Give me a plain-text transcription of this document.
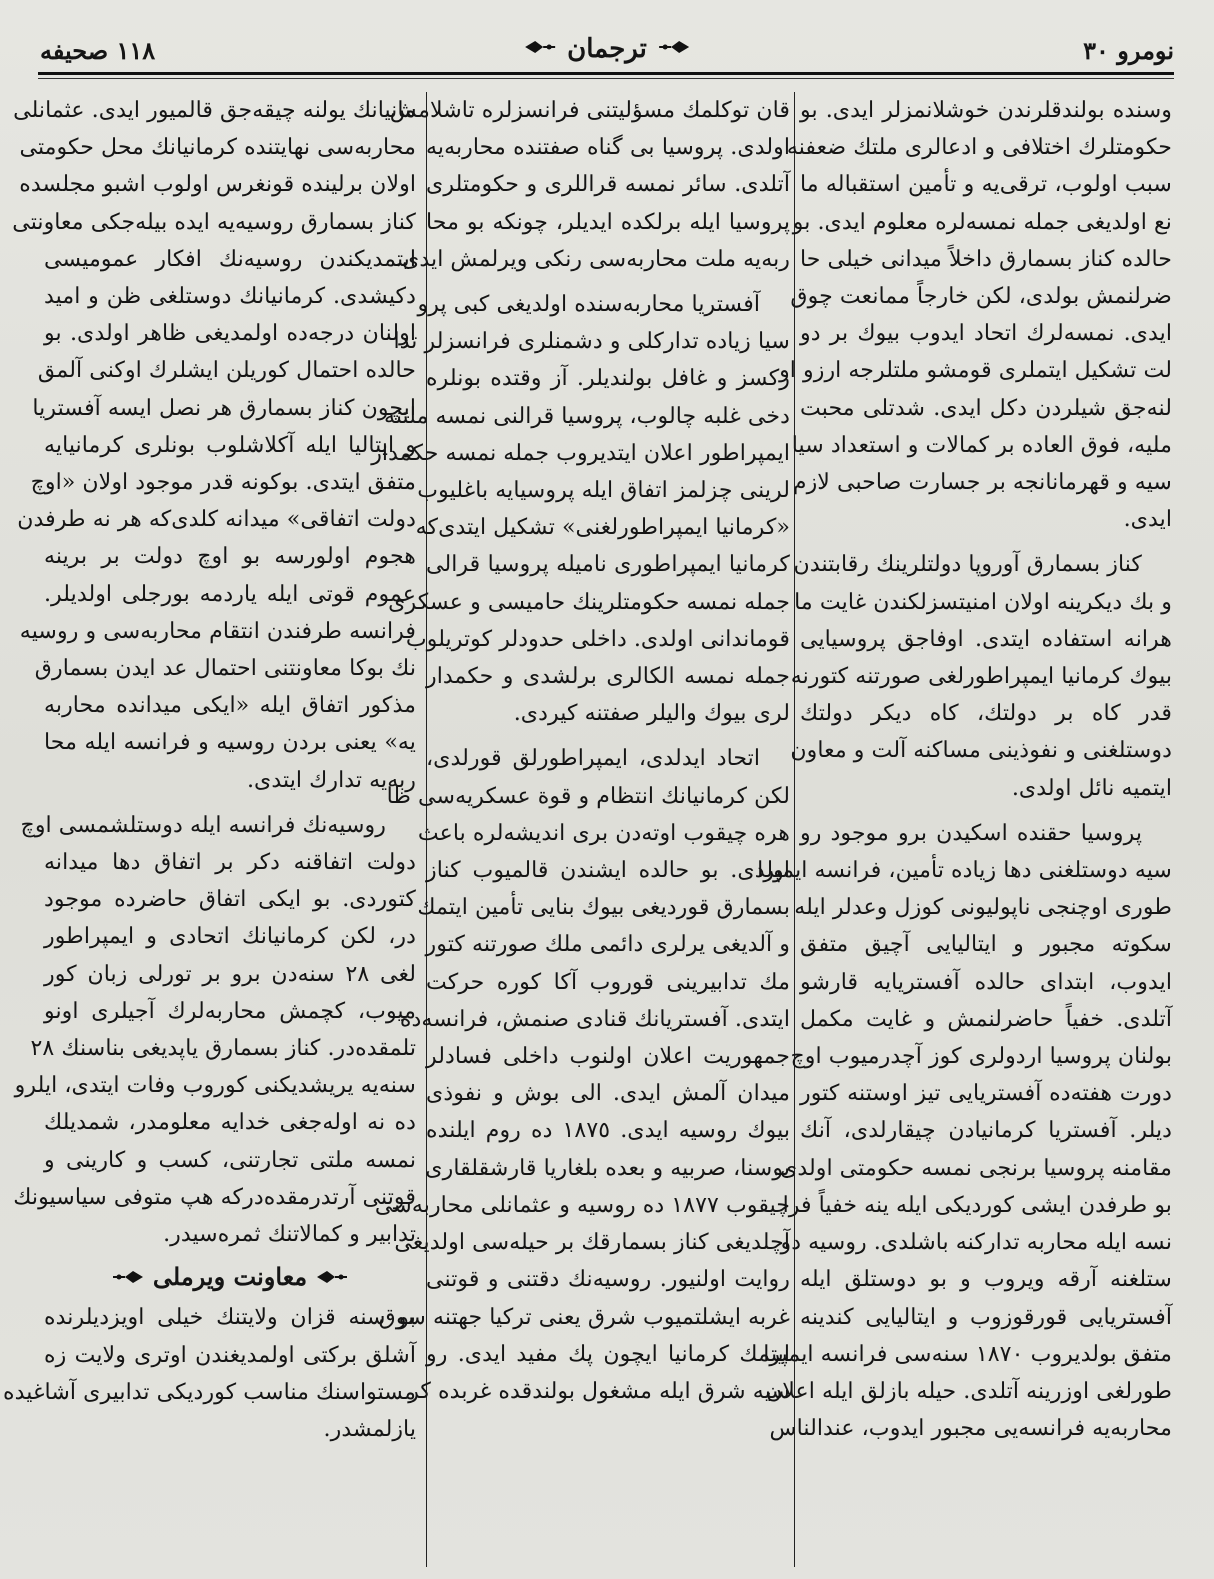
١١٨ صحيفه	ترجمان	نومرو ٣٠

وسنده بولندقلرندن خوشلانمزلر ایدی. بو
حکومتلرك اختلافی و ادعالری ملتك ضعفنه
سبب اولوب، ترقی‌یه و تأمین استقباله ما
نع اولدیغی جمله نمسه‌لره معلوم ایدی. بو
حالده کناز بسمارق داخلاً میدانی خیلی حا
ضرلنمش بولدی، لکن خارجاً ممانعت چوق
ایدی. نمسه‌لرك اتحاد ایدوب بیوك بر دو
لت تشکیل ایتملری قومشو ملتلرجه ارزو او
لنه‌جق شیلردن دکل ایدی. شدتلی محبت
ملیه، فوق العاده بر کمالات و استعداد سیا
سیه و قهرمانانجه بر جسارت صاحبی لازم
ایدی.

کناز بسمارق آوروپا دولتلرینك رقابتندن
و بك دیکرینه اولان امنیتسزلکندن غایت ما
هرانه استفاده ایتدی. اوفاجق پروسیایی
بیوك کرمانیا ایمپراطورلغی صورتنه کتورنه
قدر کاه بر دولتك، کاه دیکر دولتك
دوستلغنی و نفوذینی مساکنه آلت و معاون
ایتمیه نائل اولدی.

پروسیا حقنده اسکیدن برو موجود رو
سیه دوستلغنی دها زیاده تأمین، فرانسه ایمپرا
طوری اوچنجی ناپولیونی کوزل وعدلر ایله
سکوته مجبور و ایتالیایی آچیق متفق
ایدوب، ابتدای حالده آفستریایه قارشو
آتلدی. خفیاً حاضرلنمش و غایت مکمل
بولنان پروسیا اردولری کوز آچدرمیوب اوچ
دورت هفته‌ده آفستریایی تیز اوستنه کتور
دیلر. آفستریا کرمانیادن چیقارلدی، آنك
مقامنه پروسیا برنجی نمسه حکومتی اولدی.
بو طرفدن ایشی کوردیکی ایله ینه خفیاً فرا
نسه ایله محاربه تدارکنه باشلدی. روسیه دو
ستلغنه آرقه ویروب و بو دوستلق ایله
آفستریایی قورقوزوب و ایتالیایی کندینه
متفق بولدیروب ١٨٧٠ سنه‌سی فرانسه ایمپرا
طورلغی اوزرینه آتلدی. حیله بازلق ایله اعلان
محاربه‌یه فرانسه‌یی مجبور ایدوب، عندالناس

قان توکلمك مسؤلیتنی فرانسزلره تاشلامش
اولدی. پروسیا بی گناه صفتنده محاربه‌یه
آتلدی. سائر نمسه قراللری و حکومتلری
پروسیا ایله برلکده ایدیلر، چونکه بو محا
ربه‌یه ملت محاربه‌سی رنکی ویرلمش ایدی.

آفستریا محاربه‌سنده اولدیغی کبی پرو
سیا زیاده تدارکلی و دشمنلری فرانسزلر تدا
رکسز و غافل بولندیلر. آز وقتده بونلره
دخی غلبه چالوب، پروسیا قرالنی نمسه ملتنه
ایمپراطور اعلان ایتدیروب جمله نمسه حکمدار
لرینی چزلمز اتفاق ایله پروسیایه باغلیوب
«کرمانیا ایمپراطورلغنی» تشکیل ایتدی‌که
کرمانیا ایمپراطوری نامیله پروسیا قرالی
جمله نمسه حکومتلرینك حامیسی و عسکری
قوماندانی اولدی. داخلی حدودلر کوتریلوب
جمله نمسه الکالری برلشدی و حکمدار
لری بیوك والیلر صفتنه کیردی.

اتحاد ایدلدی، ایمپراطورلق قورلدی،
لکن کرمانیانك انتظام و قوة عسکریه‌سی ظا
هره چیقوب اوتەدن بری اندیشه‌لره باعث
اولدی. بو حالده ایشندن قالمیوب کناز
بسمارق قوردیغی بیوك بنایی تأمین ایتمك
و آلدیغی یرلری دائمی ملك صورتنه کتور
مك تدابیرینی قوروب آکا کوره حرکت
ایتدی. آفستریانك قنادی صنمش، فرانسه‌ده
جمهوریت اعلان اولنوب داخلی فسادلر
میدان آلمش ایدی. الی بوش و نفوذی
بیوك روسیه ایدی. ١٨٧٥ ده روم ایلنده
بوسنا، صربیه و بعده بلغاریا قارشقلقاری
چیقوب ١٨٧٧ ده روسیه و عثمانلی محاربه‌سی
آچلدیغی کناز بسمارقك بر حیله‌سی اولدیغی
روایت اولنیور. روسیه‌نك دقتنی و قوتنی
غربه ایشلتمیوب شرق یعنی ترکیا جهتنه سوق
ایتمك کرمانیا ایچون پك مفید ایدی. رو
سیه شرق ایله مشغول بولندقده غربده کر

مانیانك یولنه چیقه‌جق قالمیور ایدی. عثمانلی
محاربه‌سی نهایتنده کرمانیانك محل حکومتی
اولان برلینده قونغرس اولوب اشبو مجلسده
کناز بسمارق روسیه‌یه ایده بیله‌جکی معاونتی
ایتمدیکندن روسیه‌نك افکار عمومیسی
دکیشدی. کرمانیانك دوستلغی ظن و امید
اولنان درجه‌ده اولمدیغی ظاهر اولدی. بو
حالده احتمال کوریلن ایشلرك اوکنی آلمق
ایچون کناز بسمارق هر نصل ایسه آفستریا
و ایتالیا ایله آکلاشلوب بونلری کرمانیایه
متفق ایتدی. بوکونه قدر موجود اولان «اوچ
دولت اتفاقی» میدانه کلدی‌که هر نه طرفدن
هجوم اولورسه بو اوچ دولت بر برینه
عموم قوتی ایله یاردمه بورجلی اولدیلر.
فرانسه طرفندن انتقام محاربه‌سی و روسیه
نك بوکا معاونتنی احتمال عد ایدن بسمارق
مذکور اتفاق ایله «ایکی میدانده محاربه
یه» یعنی بردن روسیه و فرانسه ایله محا
ربه‌یه تدارك ایتدی.

روسیه‌نك فرانسه ایله دوستلشمسی اوچ
دولت اتفاقنه دکر بر اتفاق دها میدانه
کتوردی. بو ایکی اتفاق حاضرده موجود
در، لکن کرمانیانك اتحادی و ایمپراطور
لغی ٢٨ سنه‌دن برو بر تورلی زبان کور
میوب، کچمش محاربه‌لرك آجیلری اونو
تلمقده‌در. کناز بسمارق یاپدیغی بناسنك ٢٨
سنه‌یه یریشدیکنی کوروب وفات ایتدی، ایلرو
ده نه اوله‌جغی خدایه معلومدر، شمدیلك
نمسه ملتی تجارتنی، کسب و کارینی و
قوتنی آرتدرمقده‌در‌که هپ متوفی سیاسیونك
تدابیر و کمالاتنك ثمره‌سیدر.

معاونت ویرملی

بو سنه قزان ولایتنك خیلی اویزدیلرنده
آشلق برکتی اولمدیغندن اوتری ولایت زه
مستواسنك مناسب کوردیکی تدابیری آشاغیده
یازلمشدر.
